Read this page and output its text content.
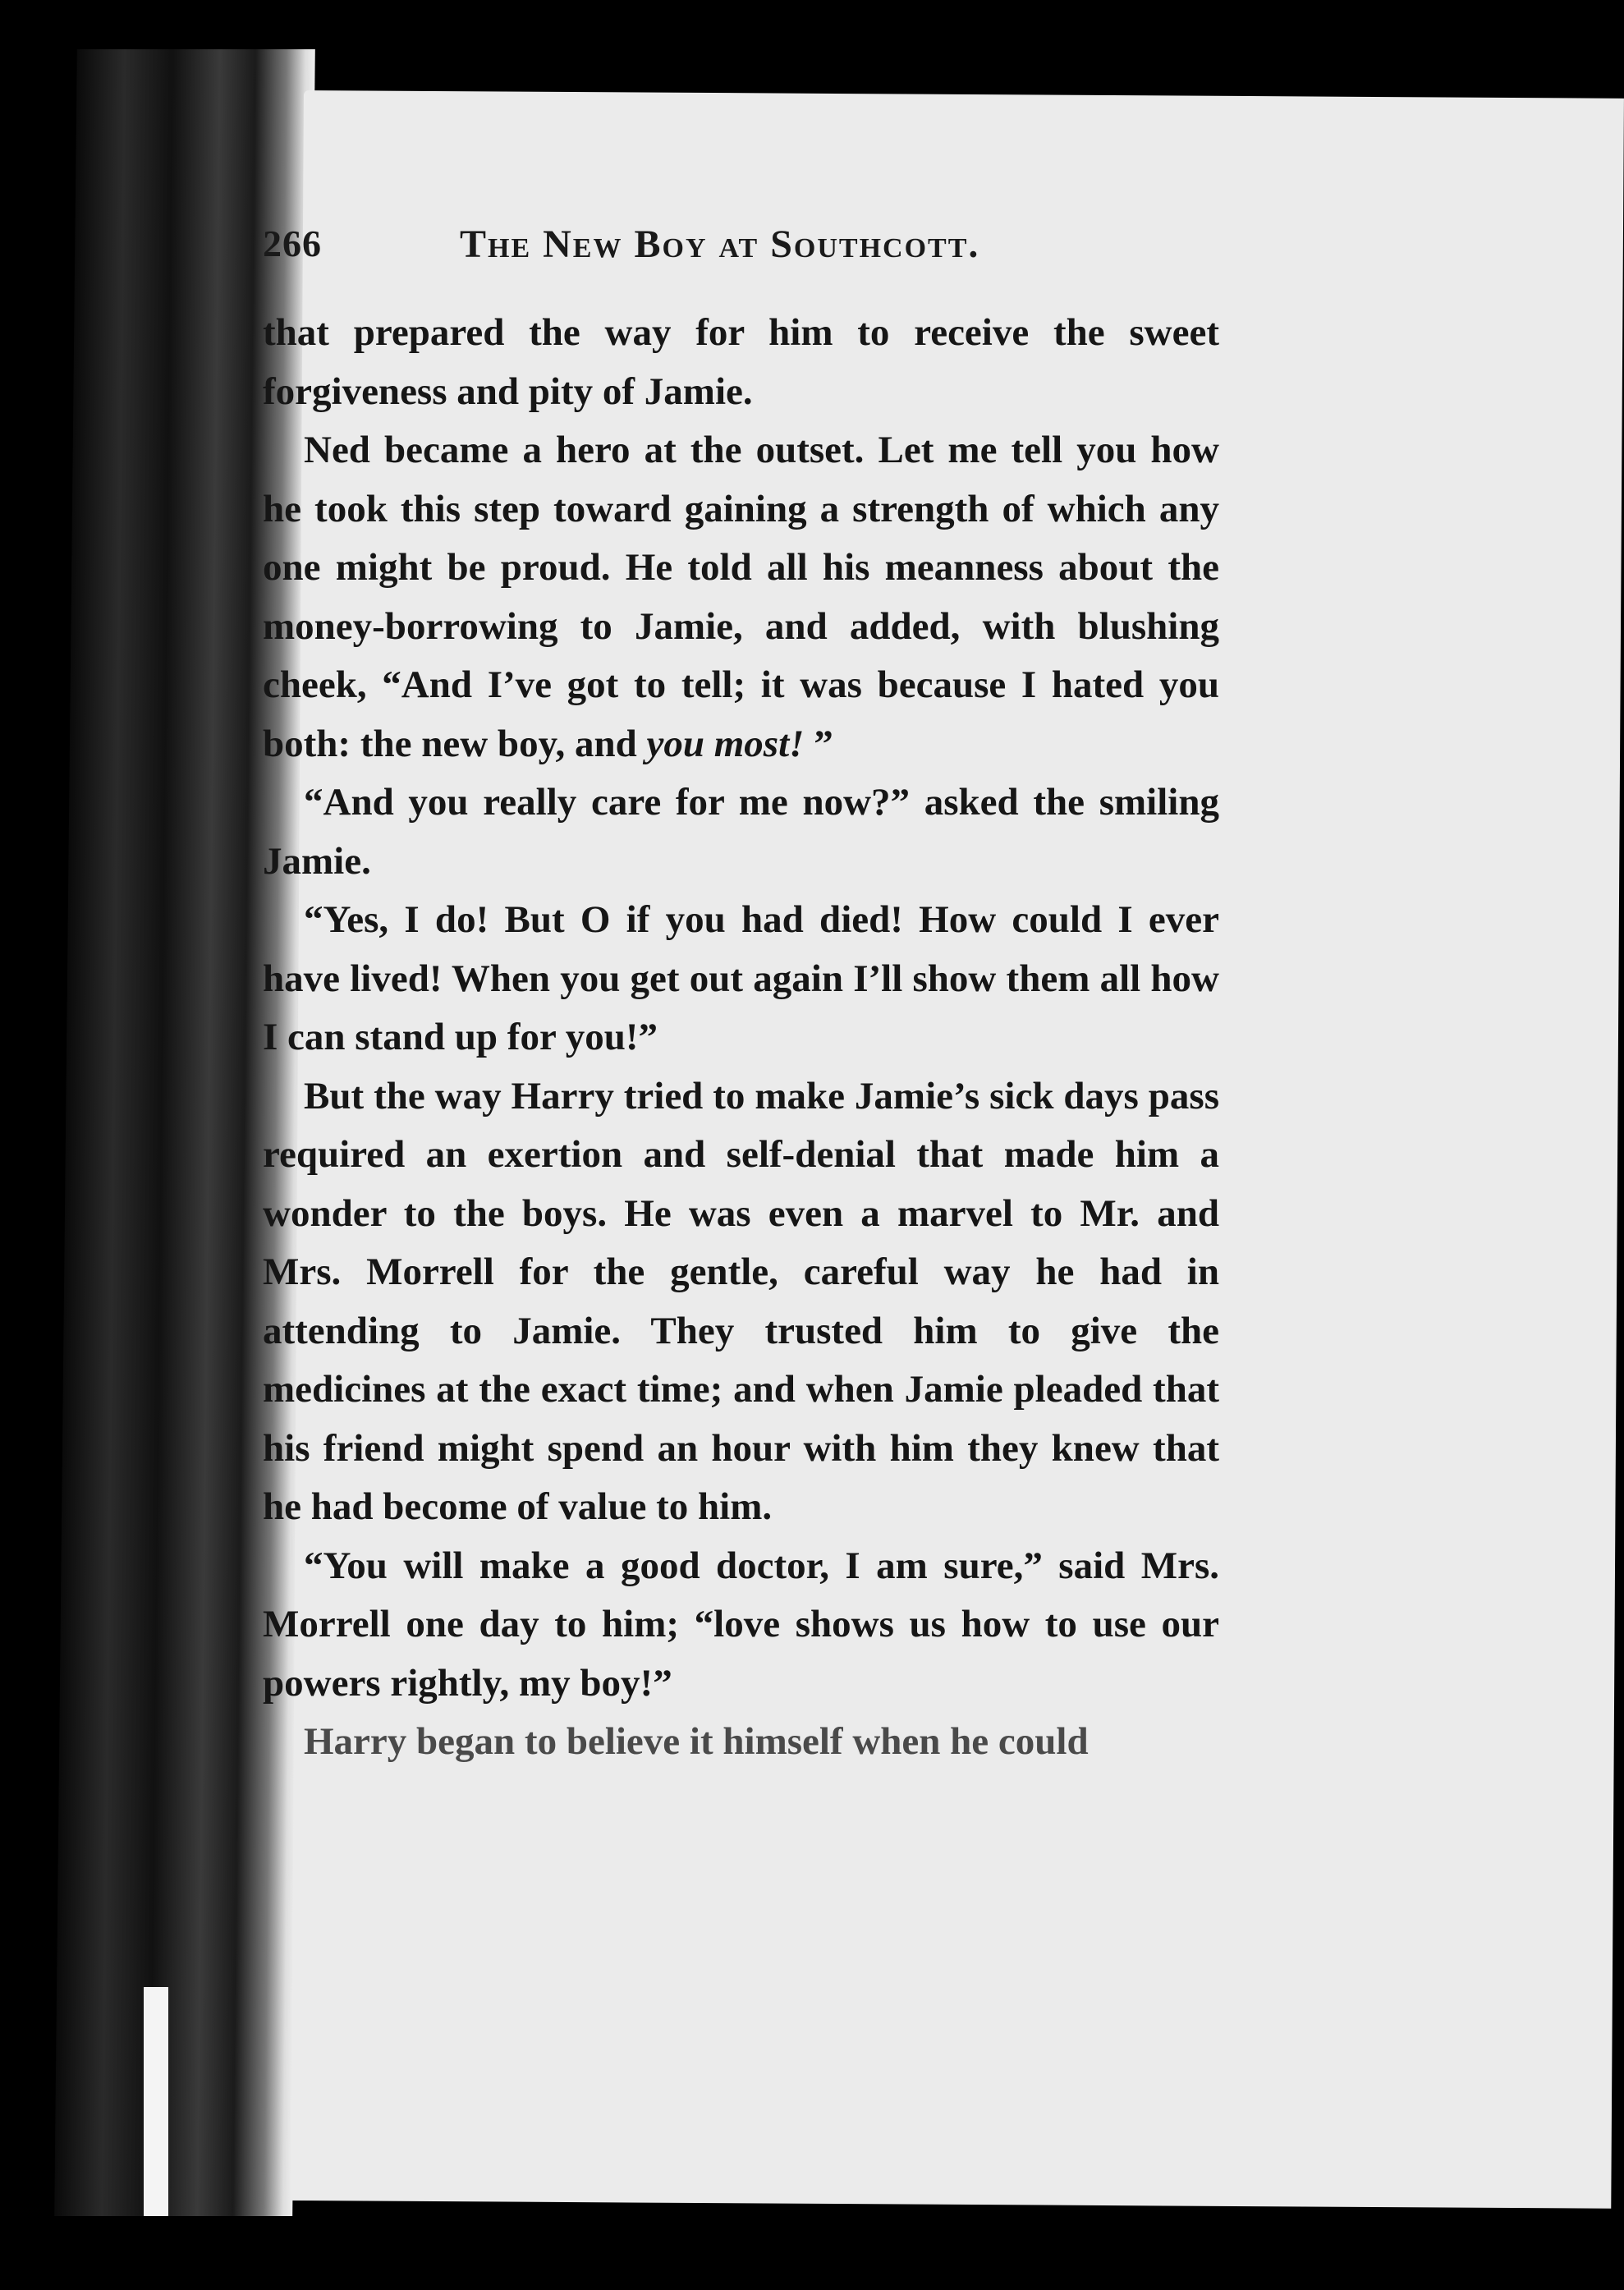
266	The New Boy at Southcott.

that prepared the way for him to receive the sweet forgiveness and pity of Jamie.

Ned became a hero at the outset. Let me tell you how he took this step toward gaining a strength of which any one might be proud. He told all his meanness about the money-borrowing to Jamie, and added, with blushing cheek, “And I’ve got to tell; it was because I hated you both: the new boy, and you most! ”

“And you really care for me now?” asked the smiling Jamie.

“Yes, I do! But O if you had died! How could I ever have lived! When you get out again I’ll show them all how I can stand up for you!”

But the way Harry tried to make Jamie’s sick days pass required an exertion and self-denial that made him a wonder to the boys. He was even a marvel to Mr. and Mrs. Morrell for the gentle, careful way he had in attending to Jamie. They trusted him to give the medicines at the exact time; and when Jamie pleaded that his friend might spend an hour with him they knew that he had become of value to him.

“You will make a good doctor, I am sure,” said Mrs. Morrell one day to him; “love shows us how to use our powers rightly, my boy!”

Harry began to believe it himself when he could
